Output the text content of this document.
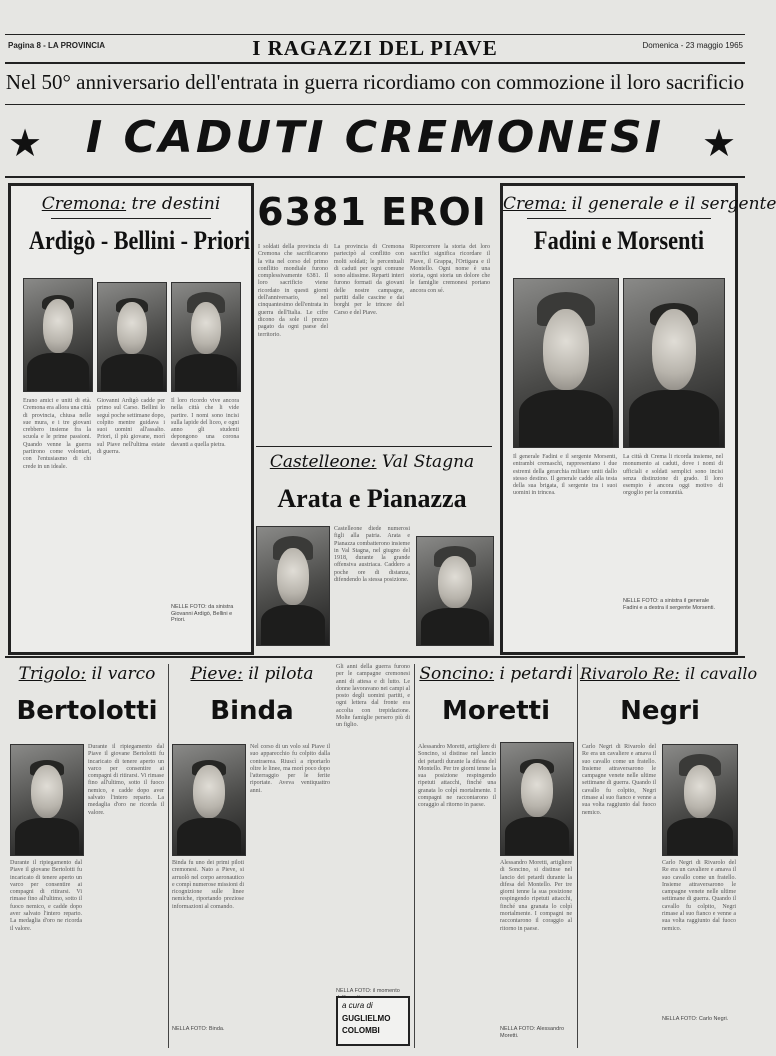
Pagina 8 - LA PROVINCIA	I RAGAZZI DEL PIAVE	Domenica - 23 maggio 1965
Nel 50° anniversario dell'entrata in guerra ricordiamo con commozione il loro sacrificio
★ I CADUTI CREMONESI ★
Cremona: tre destini
Ardigò - Bellini - Priori
Erano amici e uniti di età. Cremona era allora una città di provincia, chiusa nelle sue mura, e i tre giovani crebbero insieme fra la scuola e le prime passioni. Quando venne la guerra partirono come volontari, con l'entusiasmo di chi crede in un ideale.
Giovanni Ardigò cadde per primo sul Carso. Bellini lo seguì poche settimane dopo, colpito mentre guidava i suoi uomini all'assalto. Priori, il più giovane, morì sul Piave nell'ultima estate di guerra.
Il loro ricordo vive ancora nella città che li vide partire. I nomi sono incisi sulla lapide del liceo, e ogni anno gli studenti depongono una corona davanti a quella pietra.
NELLE FOTO: da sinistra Giovanni Ardigò, Bellini e Priori.
6381 EROI
I soldati della provincia di Cremona che sacrificarono la vita nel corso del primo conflitto mondiale furono complessivamente 6381. Il loro sacrificio viene ricordato in questi giorni dell'anniversario, nel cinquantesimo dell'entrata in guerra dell'Italia. Le cifre dicono da sole il prezzo pagato da ogni paese del territorio.
La provincia di Cremona partecipò al conflitto con molti soldati; le percentuali di caduti per ogni comune sono altissime. Reparti interi furono formati da giovani delle nostre campagne, partiti dalle cascine e dai borghi per le trincee del Carso e del Piave.
Ripercorrere la storia dei loro sacrifici significa ricordare il Piave, il Grappa, l'Ortigara e il Montello. Ogni nome è una storia, ogni storia un dolore che le famiglie cremonesi portano ancora con sé.
Castelleone: Val Stagna
Arata e Pianazza
Castelleone diede numerosi figli alla patria. Arata e Pianazza combatterono insieme in Val Stagna, nel giugno del 1918, durante la grande offensiva austriaca. Caddero a poche ore di distanza, difendendo la stessa posizione.
Crema: il generale e il sergente
Fadini e Morsenti
Il generale Fadini e il sergente Morsenti, entrambi cremaschi, rappresentano i due estremi della gerarchia militare uniti dallo stesso destino. Il generale cadde alla testa della sua brigata, il sergente tra i suoi uomini in trincea.
La città di Crema li ricorda insieme, nel monumento ai caduti, dove i nomi di ufficiali e soldati semplici sono incisi senza distinzione di grado. Il loro esempio è ancora oggi motivo di orgoglio per la comunità.
NELLE FOTO: a sinistra il generale Fadini e a destra il sergente Morsenti.
Trigolo: il varco
Bertolotti
Durante il ripiegamento dal Piave il giovane Bertolotti fu incaricato di tenere aperto un varco per consentire ai compagni di ritirarsi. Vi rimase fino all'ultimo, sotto il fuoco nemico, e cadde dopo aver salvato l'intero reparto. La medaglia d'oro ne ricorda il valore.
Durante il ripiegamento dal Piave il giovane Bertolotti fu incaricato di tenere aperto un varco per consentire ai compagni di ritirarsi. Vi rimase fino all'ultimo, sotto il fuoco nemico, e cadde dopo aver salvato l'intero reparto. La medaglia d'oro ne ricorda il valore.
Pieve: il pilota
Binda
Nel corso di un volo sul Piave il suo apparecchio fu colpito dalla contraerea. Riuscì a riportarlo oltre le linee, ma morì poco dopo l'atterraggio per le ferite riportate. Aveva ventiquattro anni.
Binda fu uno dei primi piloti cremonesi. Nato a Pieve, si arruolò nel corpo aeronautico e compì numerose missioni di ricognizione sulle linee nemiche, riportando preziose informazioni al comando.
NELLA FOTO: Binda.
Gli anni della guerra furono per le campagne cremonesi anni di attesa e di lutto. Le donne lavoravano nei campi al posto degli uomini partiti, e ogni lettera dal fronte era accolta con trepidazione. Molte famiglie persero più di un figlio.
NELLA FOTO: il momento
a cura di
GUGLIELMO
COLOMBI
Soncino: i petardi
Moretti
Alessandro Moretti, artigliere di Soncino, si distinse nel lancio dei petardi durante la difesa del Montello. Per tre giorni tenne la sua posizione respingendo ripetuti attacchi, finché una granata lo colpì mortalmente. I compagni ne raccontarono il coraggio al ritorno in paese.
Alessandro Moretti, artigliere di Soncino, si distinse nel lancio dei petardi durante la difesa del Montello. Per tre giorni tenne la sua posizione respingendo ripetuti attacchi, finché una granata lo colpì mortalmente. I compagni ne raccontarono il coraggio al ritorno in paese.
NELLA FOTO: Alessandro Moretti.
Rivarolo Re: il cavallo
Negri
Carlo Negri di Rivarolo del Re era un cavaliere e amava il suo cavallo come un fratello. Insieme attraversarono le campagne venete nelle ultime settimane di guerra. Quando il cavallo fu colpito, Negri rimase al suo fianco e venne a sua volta raggiunto dal fuoco nemico.
Carlo Negri di Rivarolo del Re era un cavaliere e amava il suo cavallo come un fratello. Insieme attraversarono le campagne venete nelle ultime settimane di guerra. Quando il cavallo fu colpito, Negri rimase al suo fianco e venne a sua volta raggiunto dal fuoco nemico.
NELLA FOTO: Carlo Negri.
